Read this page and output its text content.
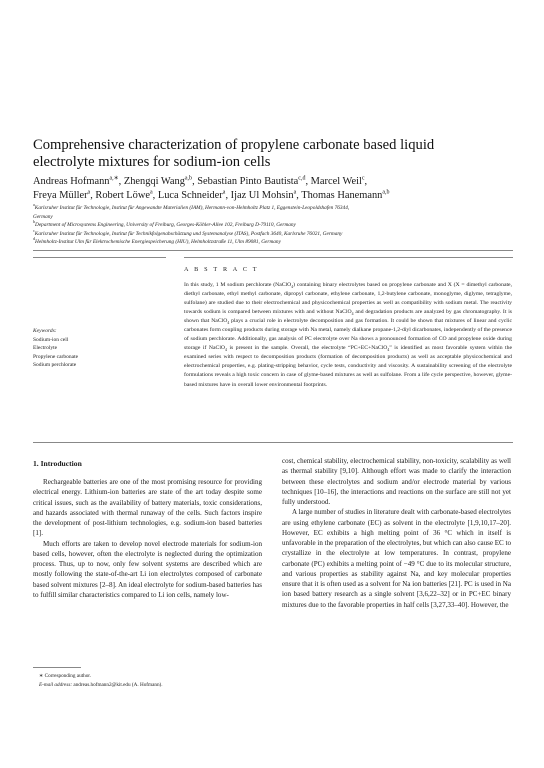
Comprehensive characterization of propylene carbonate based liquid
electrolyte mixtures for sodium-ion cells
Andreas Hofmann$^{a,∗}$, Zhengqi Wang$^{a,b}$, Sebastian Pinto Bautista$^{c,d}$, Marcel Weil$^c$,
Freya Müller$^a$, Robert Löwe$^a$, Luca Schneider$^a$, Ijaz Ul Mohsin$^a$, Thomas Hanemann$^{a,b}$
$^a$Karlsruher Institut für Technologie, Institut für Angewandte Materialien (IAM), Hermann-von-Helmholtz Platz 1, Eggenstein-Leopoldshafen 76344,
Germany
$^b$Department of Microsystems Engineering, University of Freiburg, Georges-Köhler-Allee 102, Freiburg D-79110, Germany
$^c$Karlsruher Institut für Technologie, Institut für Technikfolgenabschätzung und Systemanalyse (ITAS), Postfach 3640, Karlsruhe 76021, Germany
$^d$Helmholtz-Institut Ulm für Elektrochemische Energiespeicherung (HIU), Helmholtzstraße 11, Ulm 89081, Germany
A B S T R A C T
In this study, 1 M sodium perchlorate (NaClO$_4$) containing binary electrolytes based on propylene carbonate and X (X = dimethyl carbonate, diethyl carbonate, ethyl methyl carbonate, dipropyl carbonate, ethylene carbonate, 1,2-butylene carbonate, monoglyme, diglyme, tetraglyme, sulfolane) are studied due to their electrochemical and physicochemical properties as well as compatibility with sodium metal. The reactivity towards sodium is compared between mixtures with and without NaClO$_4$ and degradation products are analyzed by gas chromatography. It is shown that NaClO$_4$ plays a crucial role in electrolyte decomposition and gas formation. It could be shown that mixtures of linear and cyclic carbonates form coupling products during storage with Na metal, namely dialkane propane-1,2-diyl dicarbonates, independently of the presence of sodium perchlorate. Additionally, gas analysis of PC electrolyte over Na shows a pronounced formation of CO and propylene oxide during storage if NaClO$_4$ is present in the sample. Overall, the electrolyte “PC+EC+NaClO$_4$” is identified as most favorable system within the examined series with respect to decomposition products (formation of decomposition products) as well as acceptable physicochemical and electrochemical properties, e.g. plating-stripping behavior, cycle tests, conductivity and viscosity. A sustainability screening of the electrolyte formulations reveals a high toxic concern in case of glyme-based mixtures as well as sulfolane. From a life cycle perspective, however, glyme-based mixtures have in overall lower environmental footprints.
Keywords:
Sodium-ion cell
Electrolyte
Propylene carbonate
Sodium perchlorate
1. Introduction

Rechargeable batteries are one of the most promising resource for providing electrical energy. Lithium-ion batteries are state of the art today despite some critical issues, such as the availability of battery materials, toxic considerations, and hazards associated with thermal runaway of the cells. Such factors inspire the development of post-lithium technologies, e.g. sodium-ion based batteries [1].

Much efforts are taken to develop novel electrode materials for sodium-ion based cells, however, often the electrolyte is neglected during the optimization process. Thus, up to now, only few solvent systems are described which are mostly following the state-of-the-art Li ion electrolytes composed of carbonate based solvent mixtures [2–8]. An ideal electrolyte for sodium-based batteries has to fulfill similar characteristics compared to Li ion cells, namely low-

cost, chemical stability, electrochemical stability, non-toxicity, scalability as well as thermal stability [9,10]. Although effort was made to clarify the interaction between these electrolytes and sodium and/or electrode material by various techniques [10–16], the interactions and reactions on the surface are still not yet fully understood.

A large number of studies in literature dealt with carbonate-based electrolytes are using ethylene carbonate (EC) as solvent in the electrolyte [1,9,10,17–20]. However, EC exhibits a high melting point of 36 °C which in itself is unfavorable in the preparation of the electrolytes, but which can also cause EC to crystallize in the electrolyte at low temperatures. In contrast, propylene carbonate (PC) exhibits a melting point of −49 °C due to its molecular structure, and various properties as stability against Na, and key molecular properties ensure that it is often used as a solvent for Na ion batteries [21]. PC is used in Na ion based battery research as a single solvent [3,6,22–32] or in PC+EC binary mixtures due to the favorable properties in half cells [3,27,33–40]. However, the

∗ Corresponding author.
E-mail address: andreas.hofmann2@kit.edu (A. Hofmann).
